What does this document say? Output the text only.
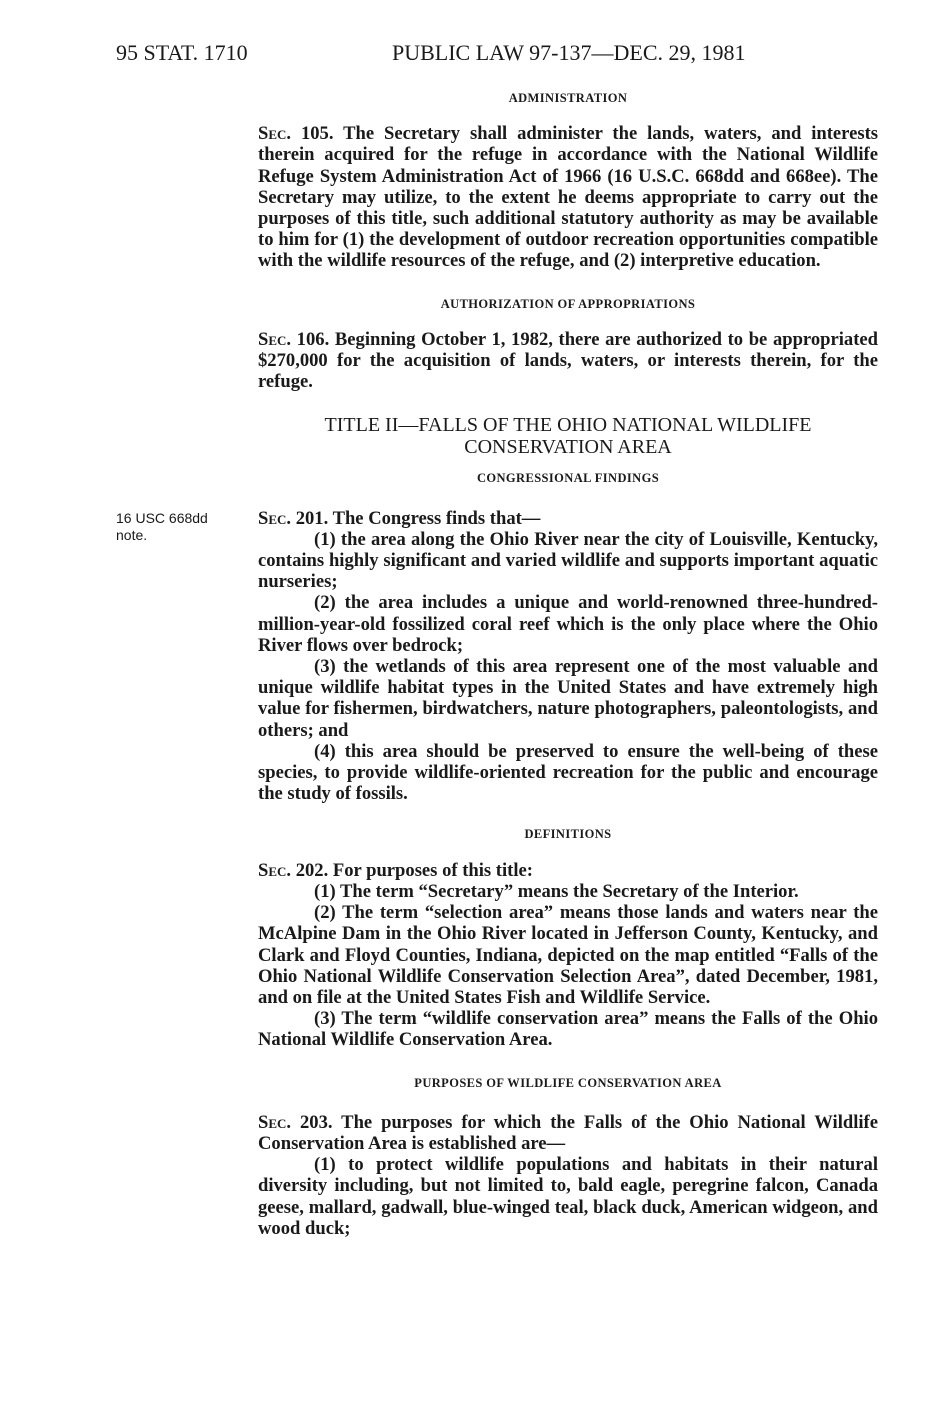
95 STAT. 1710	PUBLIC LAW 97-137—DEC. 29, 1981
16 USC 668dd note.

ADMINISTRATION

Sec. 105. The Secretary shall administer the lands, waters, and interests therein acquired for the refuge in accordance with the National Wildlife Refuge System Administration Act of 1966 (16 U.S.C. 668dd and 668ee). The Secretary may utilize, to the extent he deems appropriate to carry out the purposes of this title, such additional statutory authority as may be available to him for (1) the development of outdoor recreation opportunities compatible with the wildlife resources of the refuge, and (2) interpretive education.

AUTHORIZATION OF APPROPRIATIONS

Sec. 106. Beginning October 1, 1982, there are authorized to be appropriated $270,000 for the acquisition of lands, waters, or interests therein, for the refuge.

TITLE II—FALLS OF THE OHIO NATIONAL WILDLIFE
CONSERVATION AREA

CONGRESSIONAL FINDINGS

Sec. 201. The Congress finds that—

(1) the area along the Ohio River near the city of Louisville, Kentucky, contains highly significant and varied wildlife and supports important aquatic nurseries;

(2) the area includes a unique and world-renowned three-hundred-million-year-old fossilized coral reef which is the only place where the Ohio River flows over bedrock;

(3) the wetlands of this area represent one of the most valuable and unique wildlife habitat types in the United States and have extremely high value for fishermen, birdwatchers, nature photographers, paleontologists, and others; and

(4) this area should be preserved to ensure the well-being of these species, to provide wildlife-oriented recreation for the public and encourage the study of fossils.

DEFINITIONS

Sec. 202. For purposes of this title:

(1) The term “Secretary” means the Secretary of the Interior.

(2) The term “selection area” means those lands and waters near the McAlpine Dam in the Ohio River located in Jefferson County, Kentucky, and Clark and Floyd Counties, Indiana, depicted on the map entitled “Falls of the Ohio National Wildlife Conservation Selection Area”, dated December, 1981, and on file at the United States Fish and Wildlife Service.

(3) The term “wildlife conservation area” means the Falls of the Ohio National Wildlife Conservation Area.

PURPOSES OF WILDLIFE CONSERVATION AREA

Sec. 203. The purposes for which the Falls of the Ohio National Wildlife Conservation Area is established are—

(1) to protect wildlife populations and habitats in their natural diversity including, but not limited to, bald eagle, peregrine falcon, Canada geese, mallard, gadwall, blue-winged teal, black duck, American widgeon, and wood duck;
